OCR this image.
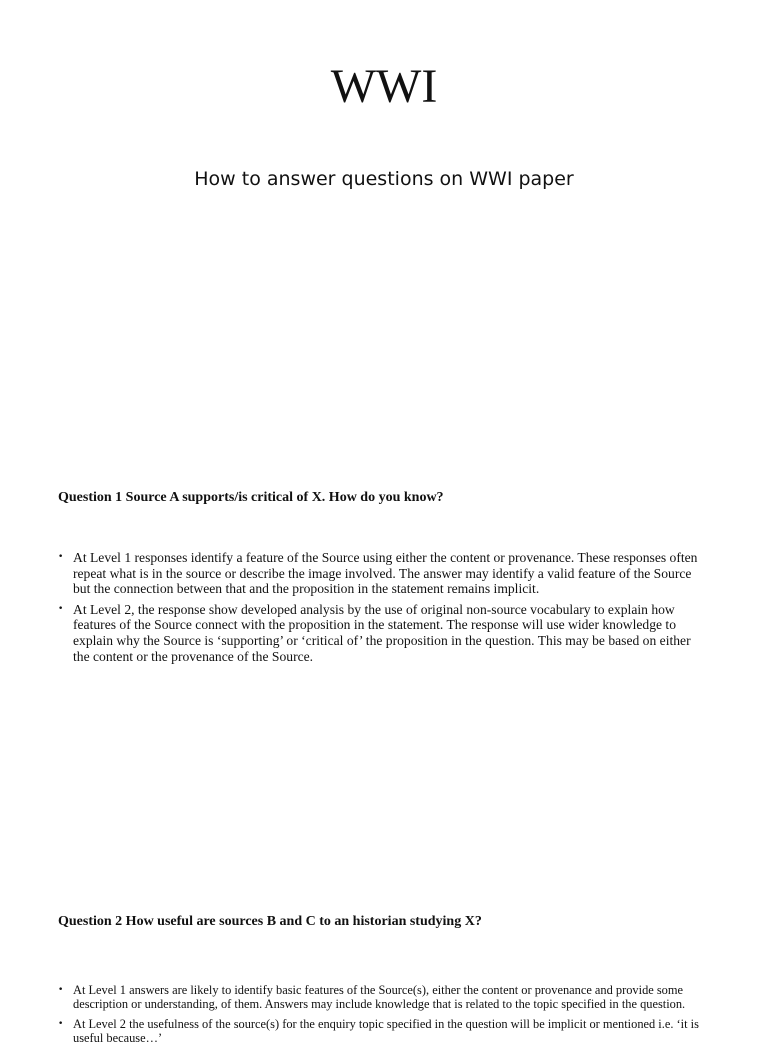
WWI
How to answer questions on WWI paper

Question 1 Source A supports/is critical of X. How do you know?

• At Level 1 responses identify a feature of the Source using either the content or provenance. These responses often repeat what is in the source or describe the image involved. The answer may identify a valid feature of the Source but the connection between that and the proposition in the statement remains implicit.
• At Level 2, the response show developed analysis by the use of original non-source vocabulary to explain how features of the Source connect with the proposition in the statement. The response will use wider knowledge to explain why the Source is ‘supporting’ or ‘critical of’ the proposition in the question. This may be based on either the content or the provenance of the Source.

Question 2 How useful are sources B and C to an historian studying X?

• At Level 1 answers are likely to identify basic features of the Source(s), either the content or provenance and provide some description or understanding, of them. Answers may include knowledge that is related to the topic specified in the question.
• At Level 2 the usefulness of the source(s) for the enquiry topic specified in the question will be implicit or mentioned i.e. ‘it is useful because…’
